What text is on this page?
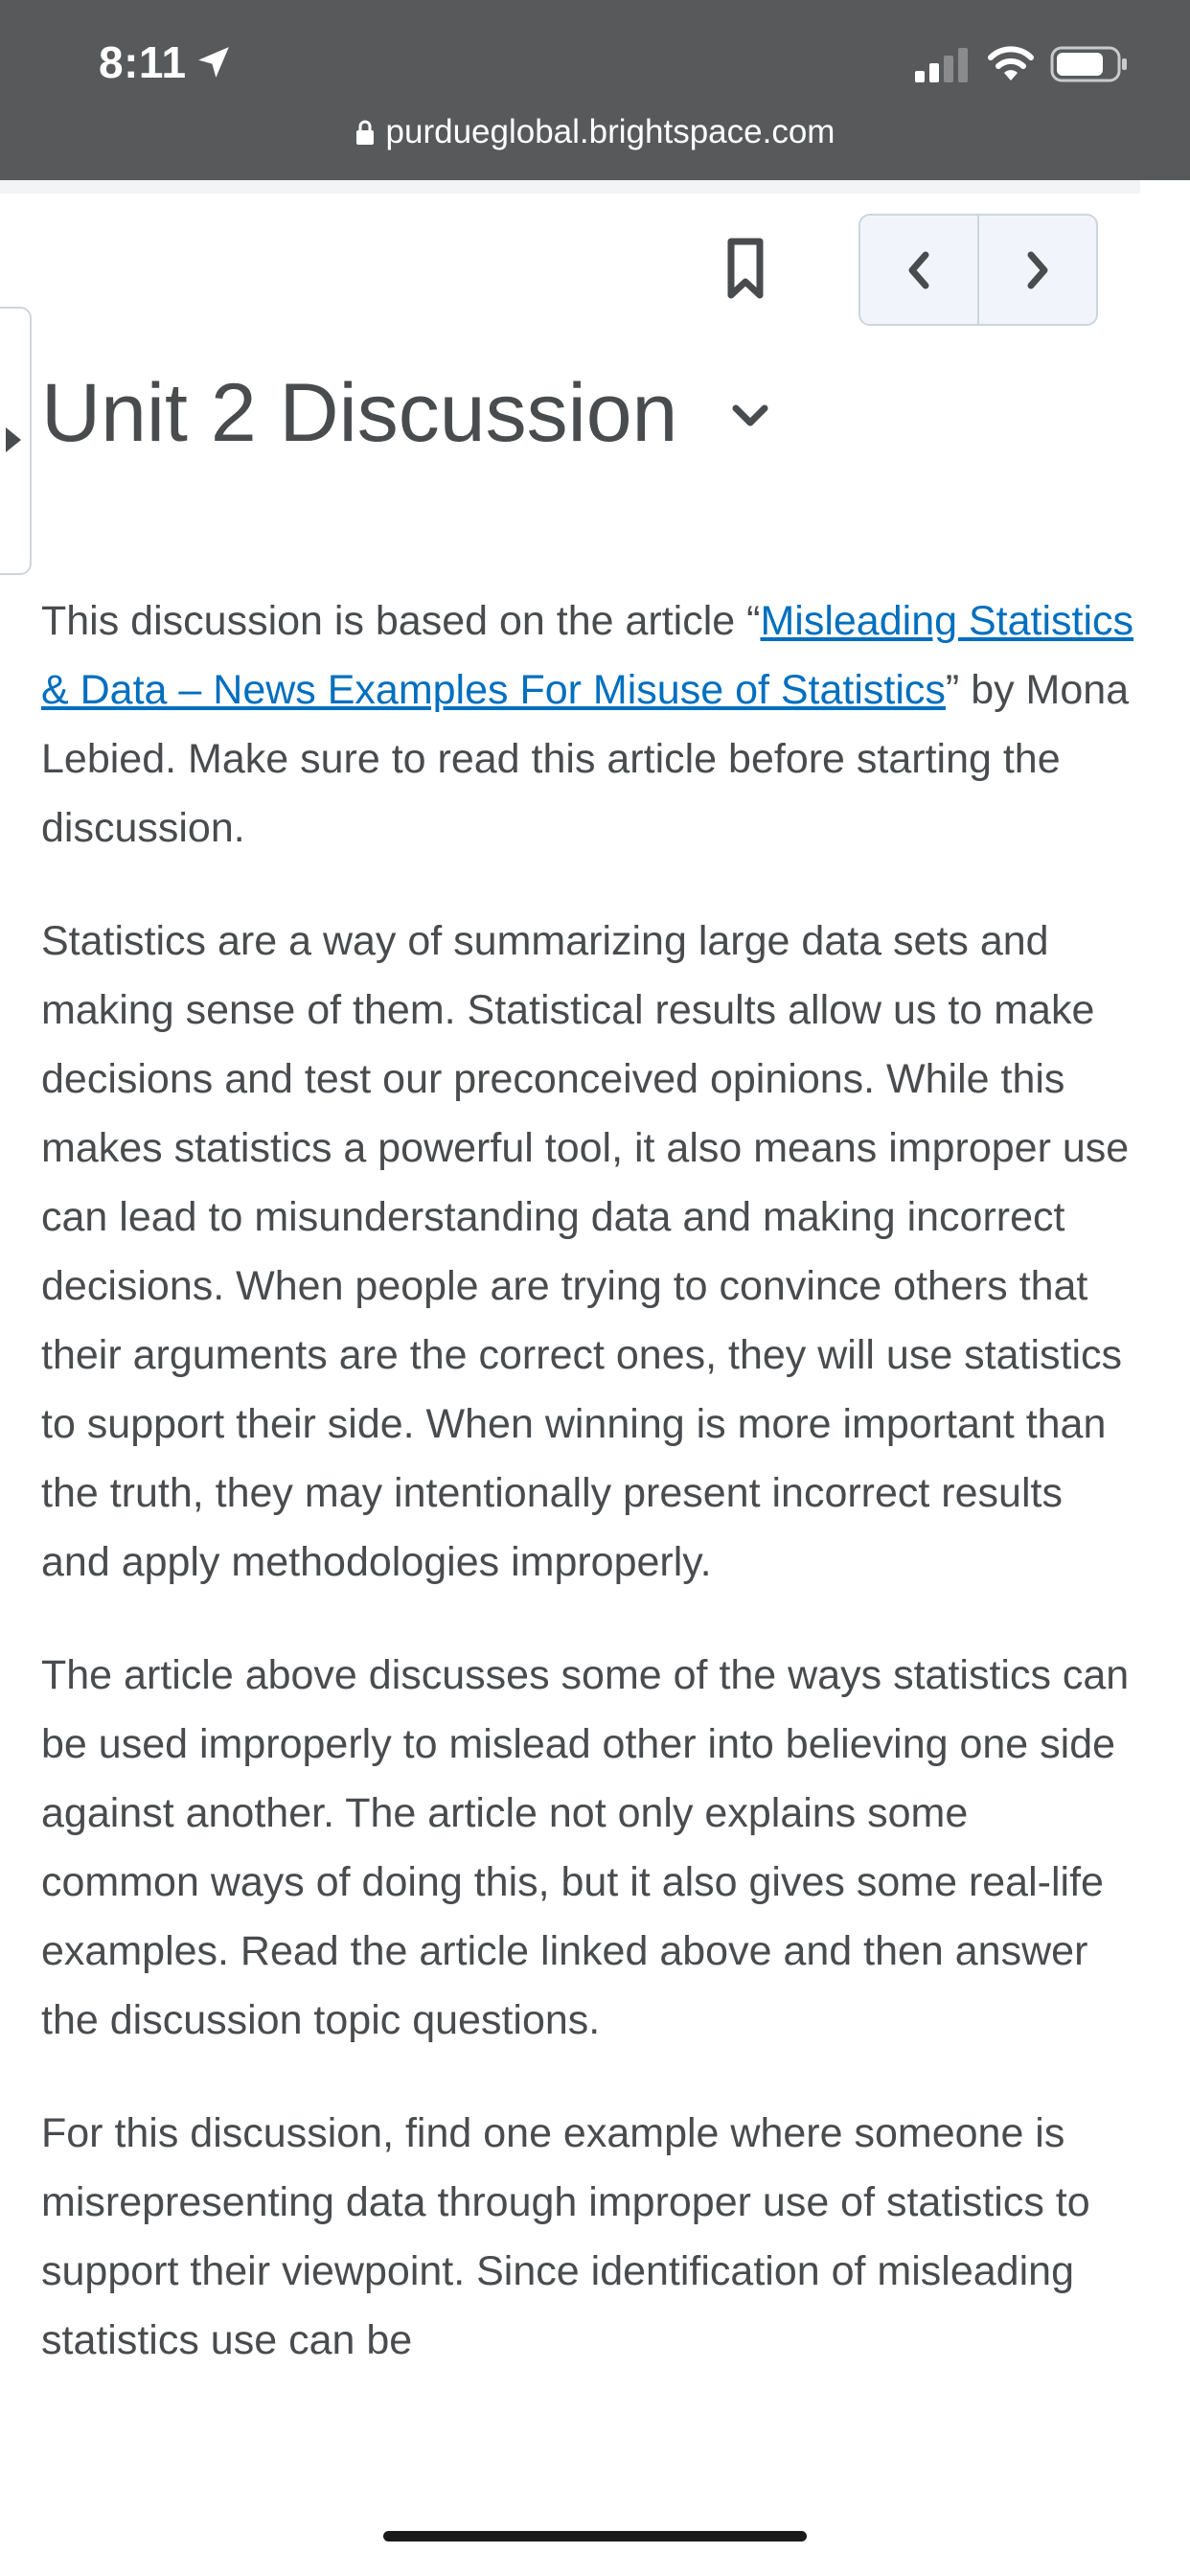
8:11
purdueglobal.brightspace.com
Unit 2 Discussion

This discussion is based on the article “Misleading Statistics & Data – News Examples For Misuse of Statistics” by Mona Lebied. Make sure to read this article before starting the discussion.

Statistics are a way of summarizing large data sets and making sense of them. Statistical results allow us to make decisions and test our preconceived opinions. While this makes statistics a powerful tool, it also means improper use can lead to misunderstanding data and making incorrect decisions. When people are trying to convince others that their arguments are the correct ones, they will use statistics to support their side. When winning is more important than the truth, they may intentionally present incorrect results and apply methodologies improperly.

The article above discusses some of the ways statistics can be used improperly to mislead other into believing one side against another. The article not only explains some common ways of doing this, but it also gives some real-life examples. Read the article linked above and then answer the discussion topic questions.

For this discussion, find one example where someone is misrepresenting data through improper use of statistics to support their viewpoint. Since identification of misleading statistics use can be
